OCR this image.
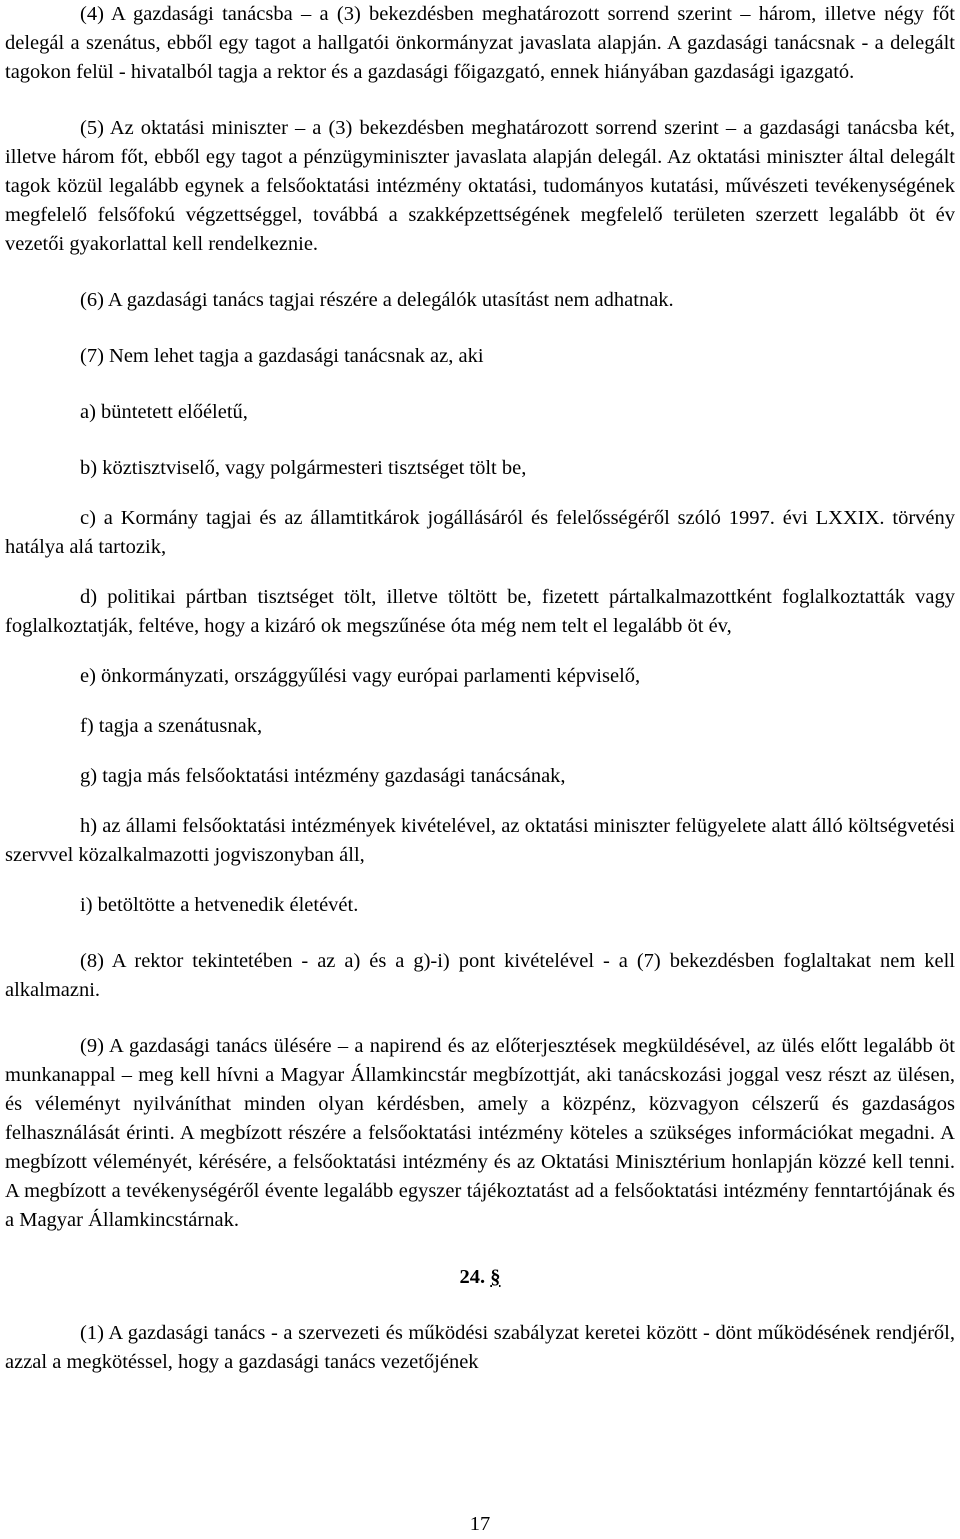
(4) A gazdasági tanácsba – a (3) bekezdésben meghatározott sorrend szerint – három, illetve négy főt delegál a szenátus, ebből egy tagot a hallgatói önkormányzat javaslata alapján. A gazdasági tanácsnak - a delegált tagokon felül - hivatalból tagja a rektor és a gazdasági főigazgató, ennek hiányában gazdasági igazgató.

(5) Az oktatási miniszter – a (3) bekezdésben meghatározott sorrend szerint – a gazdasági tanácsba két, illetve három főt, ebből egy tagot a pénzügyminiszter javaslata alapján delegál. Az oktatási miniszter által delegált tagok közül legalább egynek a felsőoktatási intézmény oktatási, tudományos kutatási, művészeti tevékenységének megfelelő felsőfokú végzettséggel, továbbá a szakképzettségének megfelelő területen szerzett legalább öt év vezetői gyakorlattal kell rendelkeznie.

(6) A gazdasági tanács tagjai részére a delegálók utasítást nem adhatnak.

(7) Nem lehet tagja a gazdasági tanácsnak az, aki

a) büntetett előéletű,

b) köztisztviselő, vagy polgármesteri tisztséget tölt be,

c) a Kormány tagjai és az államtitkárok jogállásáról és felelősségéről szóló 1997. évi LXXIX. törvény hatálya alá tartozik,

d) politikai pártban tisztséget tölt, illetve töltött be, fizetett pártalkalmazottként foglalkoztatták vagy foglalkoztatják, feltéve, hogy a kizáró ok megszűnése óta még nem telt el legalább öt év,

e) önkormányzati, országgyűlési vagy európai parlamenti képviselő,

f) tagja a szenátusnak,

g) tagja más felsőoktatási intézmény gazdasági tanácsának,

h) az állami felsőoktatási intézmények kivételével, az oktatási miniszter felügyelete alatt álló költségvetési szervvel közalkalmazotti jogviszonyban áll,

i) betöltötte a hetvenedik életévét.

(8) A rektor tekintetében - az a) és a g)-i) pont kivételével - a (7) bekezdésben foglaltakat nem kell alkalmazni.

(9) A gazdasági tanács ülésére – a napirend és az előterjesztések megküldésével, az ülés előtt legalább öt munkanappal – meg kell hívni a Magyar Államkincstár megbízottját, aki tanácskozási joggal vesz részt az ülésen, és véleményt nyilváníthat minden olyan kérdésben, amely a közpénz, közvagyon célszerű és gazdaságos felhasználását érinti. A megbízott részére a felsőoktatási intézmény köteles a szükséges információkat megadni. A megbízott véleményét, kérésére, a felsőoktatási intézmény és az Oktatási Minisztérium honlapján közzé kell tenni. A megbízott a tevékenységéről évente legalább egyszer tájékoztatást ad a felsőoktatási intézmény fenntartójának és a Magyar Államkincstárnak.

24. §

(1) A gazdasági tanács - a szervezeti és működési szabályzat keretei között - dönt működésének rendjéről, azzal a megkötéssel, hogy a gazdasági tanács vezetőjének

17
